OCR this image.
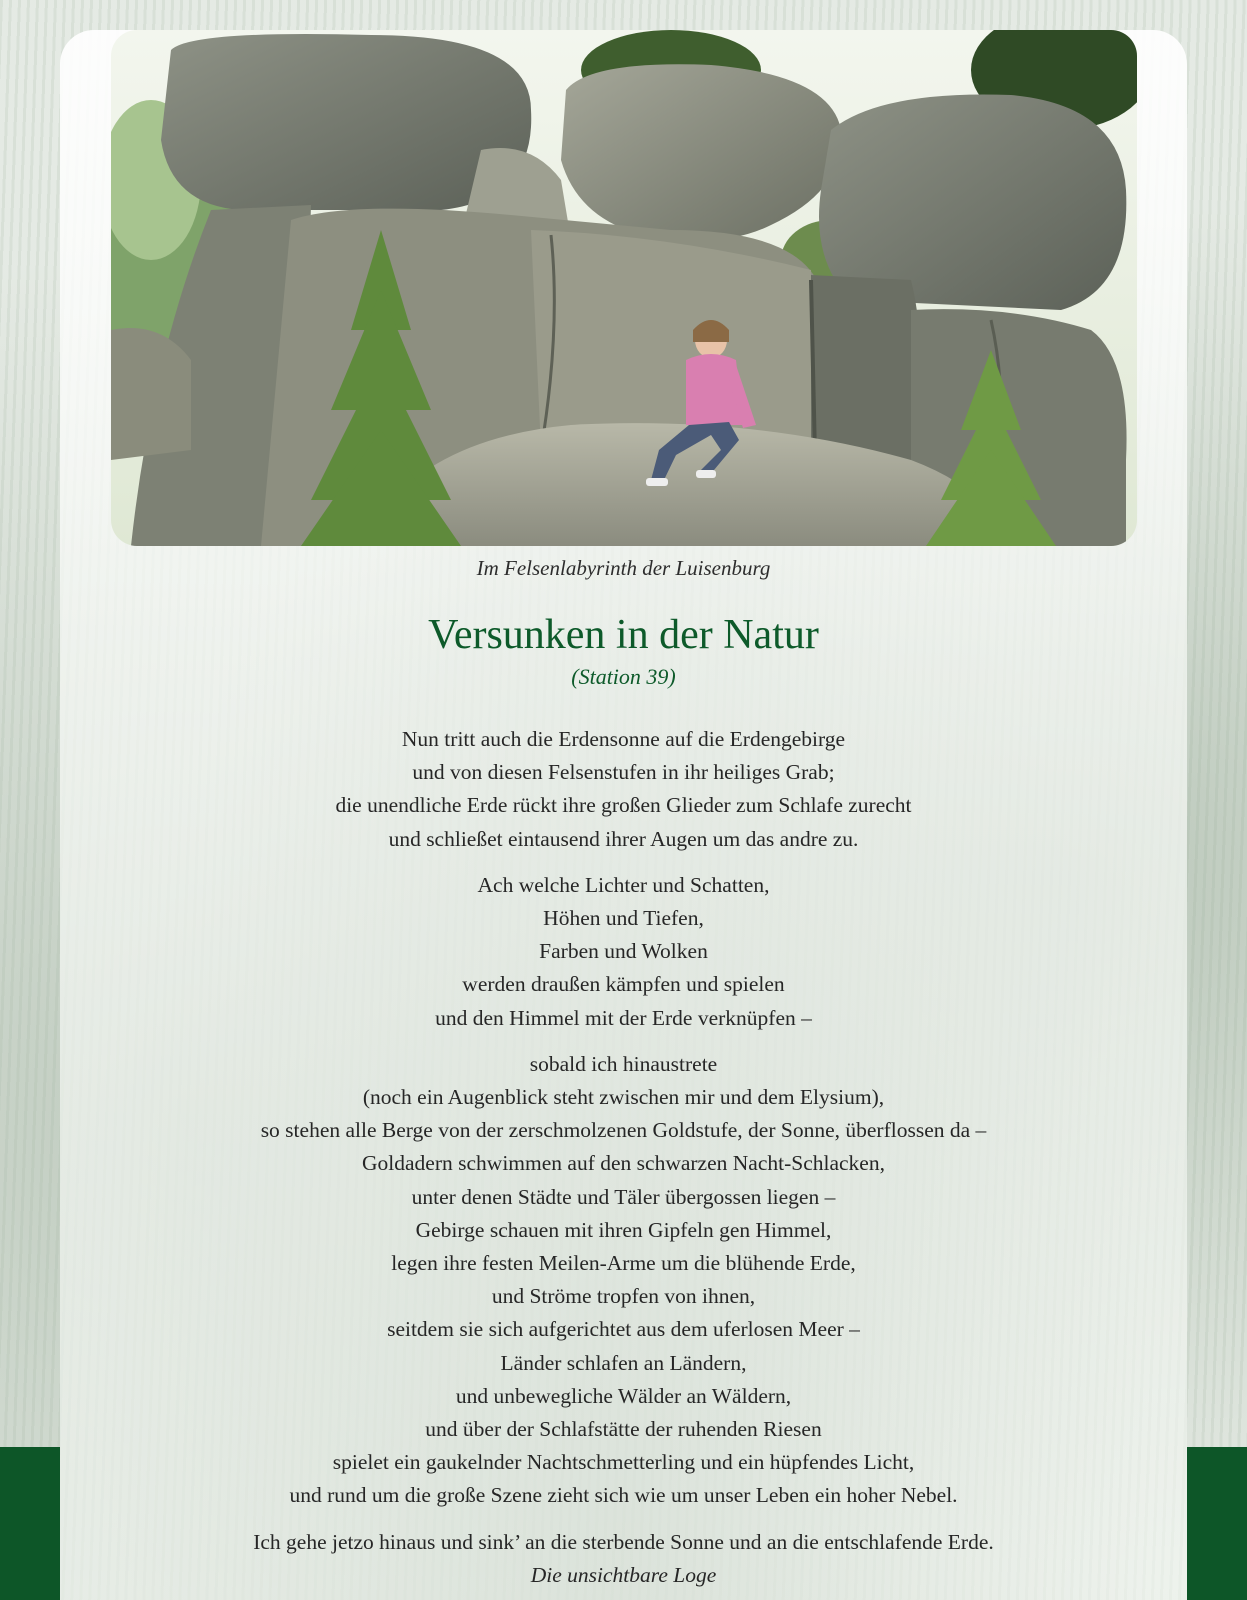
Im Felsenlabyrinth der Luisenburg
Versunken in der Natur
(Station 39)
Nun tritt auch die Erdensonne auf die Erdengebirge
und von diesen Felsenstufen in ihr heiliges Grab;
die unendliche Erde rückt ihre großen Glieder zum Schlafe zurecht
und schließet eintausend ihrer Augen um das andre zu.
Ach welche Lichter und Schatten,
Höhen und Tiefen,
Farben und Wolken
werden draußen kämpfen und spielen
und den Himmel mit der Erde verknüpfen –
sobald ich hinaustrete
(noch ein Augenblick steht zwischen mir und dem Elysium),
so stehen alle Berge von der zerschmolzenen Goldstufe, der Sonne, überflossen da –
Goldadern schwimmen auf den schwarzen Nacht-Schlacken,
unter denen Städte und Täler übergossen liegen –
Gebirge schauen mit ihren Gipfeln gen Himmel,
legen ihre festen Meilen-Arme um die blühende Erde,
und Ströme tropfen von ihnen,
seitdem sie sich aufgerichtet aus dem uferlosen Meer –
Länder schlafen an Ländern,
und unbewegliche Wälder an Wäldern,
und über der Schlafstätte der ruhenden Riesen
spielet ein gaukelnder Nachtschmetterling und ein hüpfendes Licht,
und rund um die große Szene zieht sich wie um unser Leben ein hoher Nebel.
Ich gehe jetzo hinaus und sink’ an die sterbende Sonne und an die entschlafende Erde.
Die unsichtbare Loge
